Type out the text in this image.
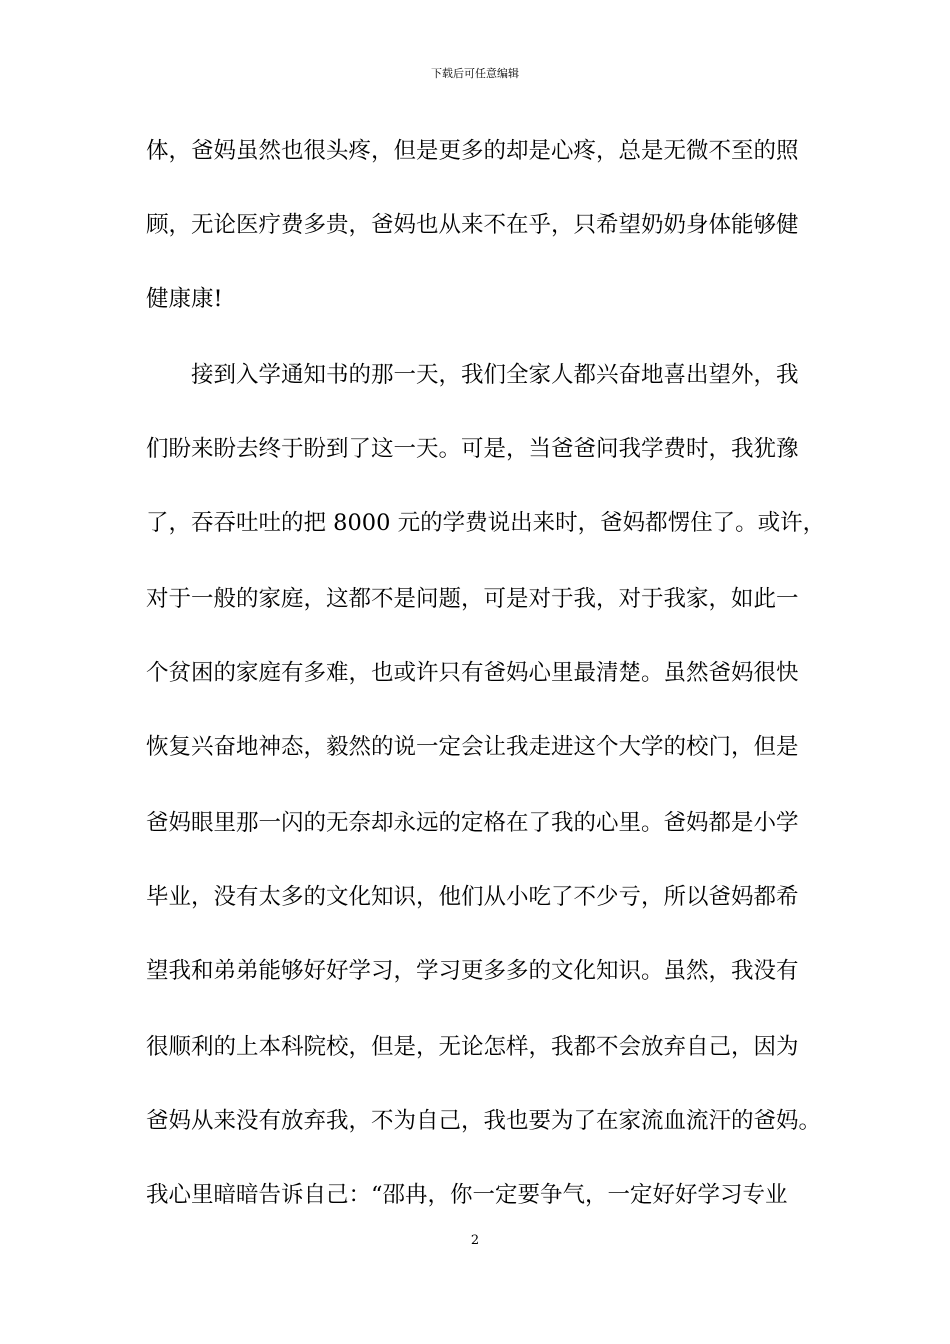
下载后可任意编辑
体，爸妈虽然也很头疼，但是更多的却是心疼，总是无微不至的照
顾，无论医疗费多贵，爸妈也从来不在乎，只希望奶奶身体能够健
健康康!
接到入学通知书的那一天，我们全家人都兴奋地喜出望外，我
们盼来盼去终于盼到了这一天。可是，当爸爸问我学费时，我犹豫
了，吞吞吐吐的把 8000 元的学费说出来时，爸妈都愣住了。或许，
对于一般的家庭，这都不是问题，可是对于我，对于我家，如此一
个贫困的家庭有多难，也或许只有爸妈心里最清楚。虽然爸妈很快
恢复兴奋地神态，毅然的说一定会让我走进这个大学的校门，但是
爸妈眼里那一闪的无奈却永远的定格在了我的心里。爸妈都是小学
毕业，没有太多的文化知识，他们从小吃了不少亏，所以爸妈都希
望我和弟弟能够好好学习，学习更多多的文化知识。虽然，我没有
很顺利的上本科院校，但是，无论怎样，我都不会放弃自己，因为
爸妈从来没有放弃我，不为自己，我也要为了在家流血流汗的爸妈。
我心里暗暗告诉自己：“邵冉，你一定要争气，一定好好学习专业
2
